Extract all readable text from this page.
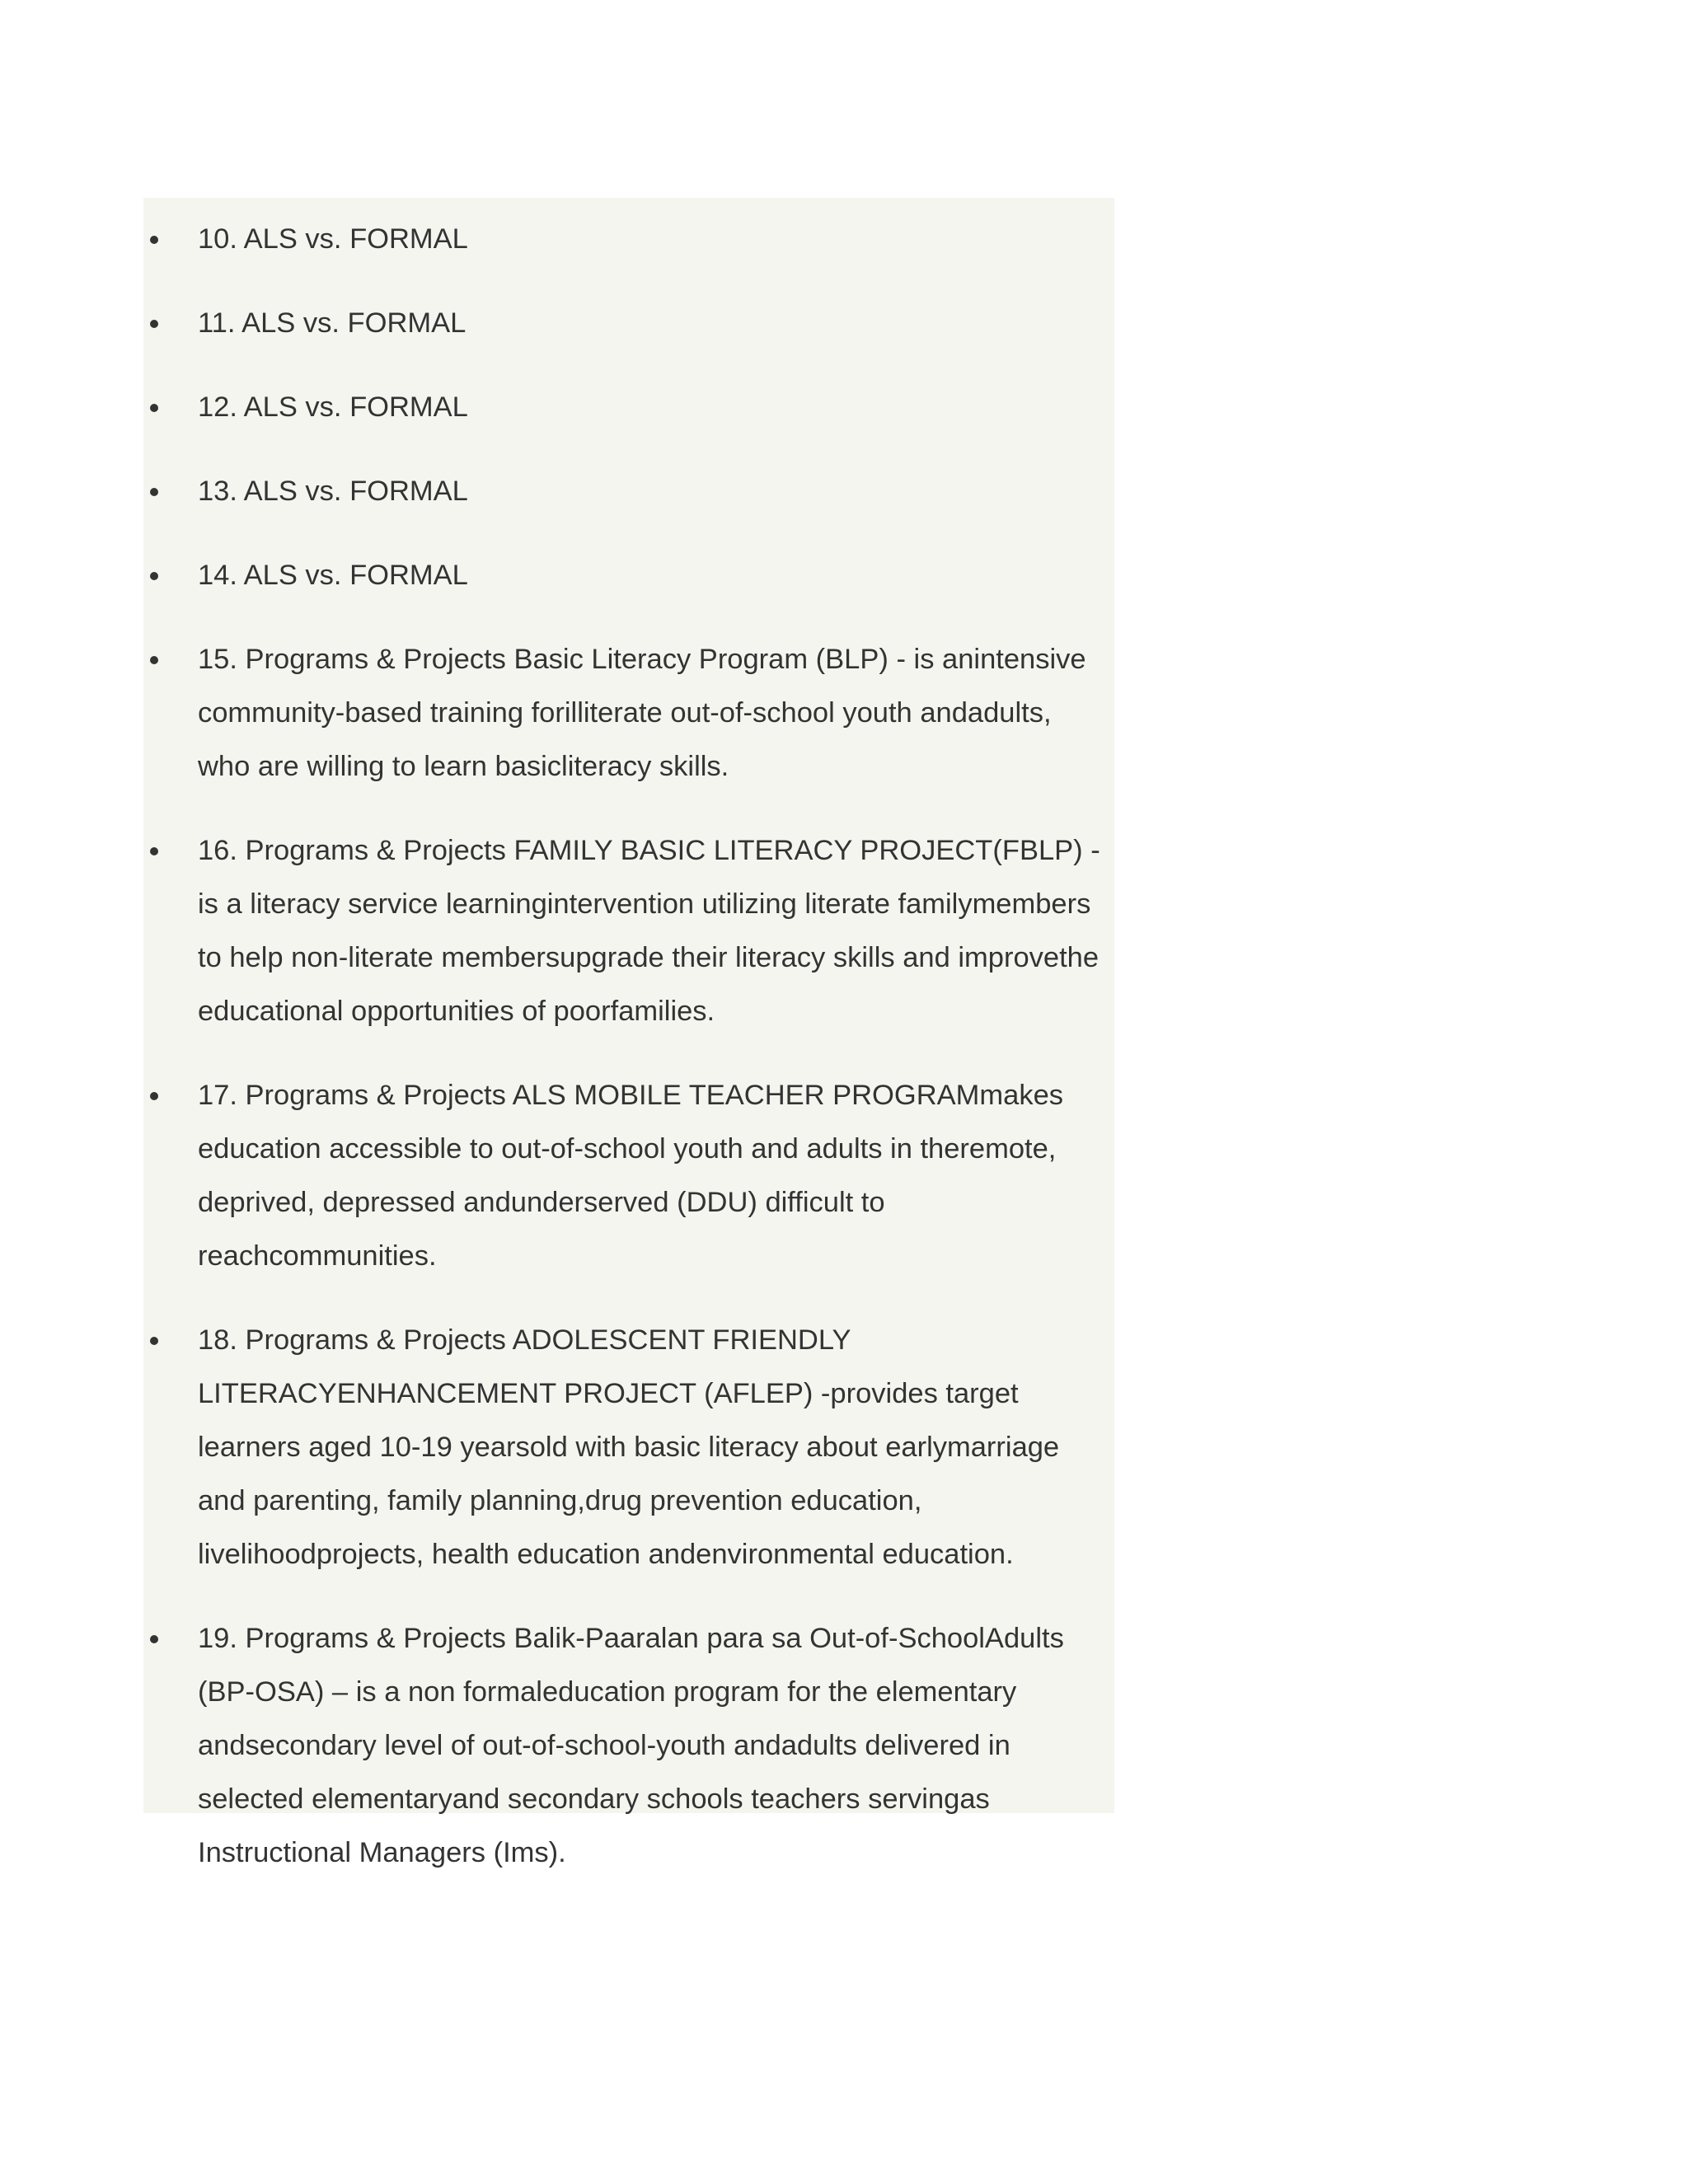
10. ALS vs. FORMAL
11. ALS vs. FORMAL
12. ALS vs. FORMAL
13. ALS vs. FORMAL
14. ALS vs. FORMAL
15. Programs & Projects Basic Literacy Program (BLP) - is anintensive community-based training forilliterate out-of-school youth andadults, who are willing to learn basicliteracy skills.
16. Programs & Projects FAMILY BASIC LITERACY PROJECT(FBLP) - is a literacy service learningintervention utilizing literate familymembers to help non-literate membersupgrade their literacy skills and improvethe educational opportunities of poorfamilies.
17. Programs & Projects ALS MOBILE TEACHER PROGRAMmakes education accessible to out-of-school youth and adults in theremote, deprived, depressed andunderserved (DDU) difficult to reachcommunities.
18. Programs & Projects ADOLESCENT FRIENDLY LITERACYENHANCEMENT PROJECT (AFLEP) -provides target learners aged 10-19 yearsold with basic literacy about earlymarriage and parenting, family planning,drug prevention education, livelihoodprojects, health education andenvironmental education.
19. Programs & Projects Balik-Paaralan para sa Out-of-SchoolAdults (BP-OSA) – is a non formaleducation program for the elementary andsecondary level of out-of-school-youth andadults delivered in selected elementaryand secondary schools teachers servingas Instructional Managers (Ims).
